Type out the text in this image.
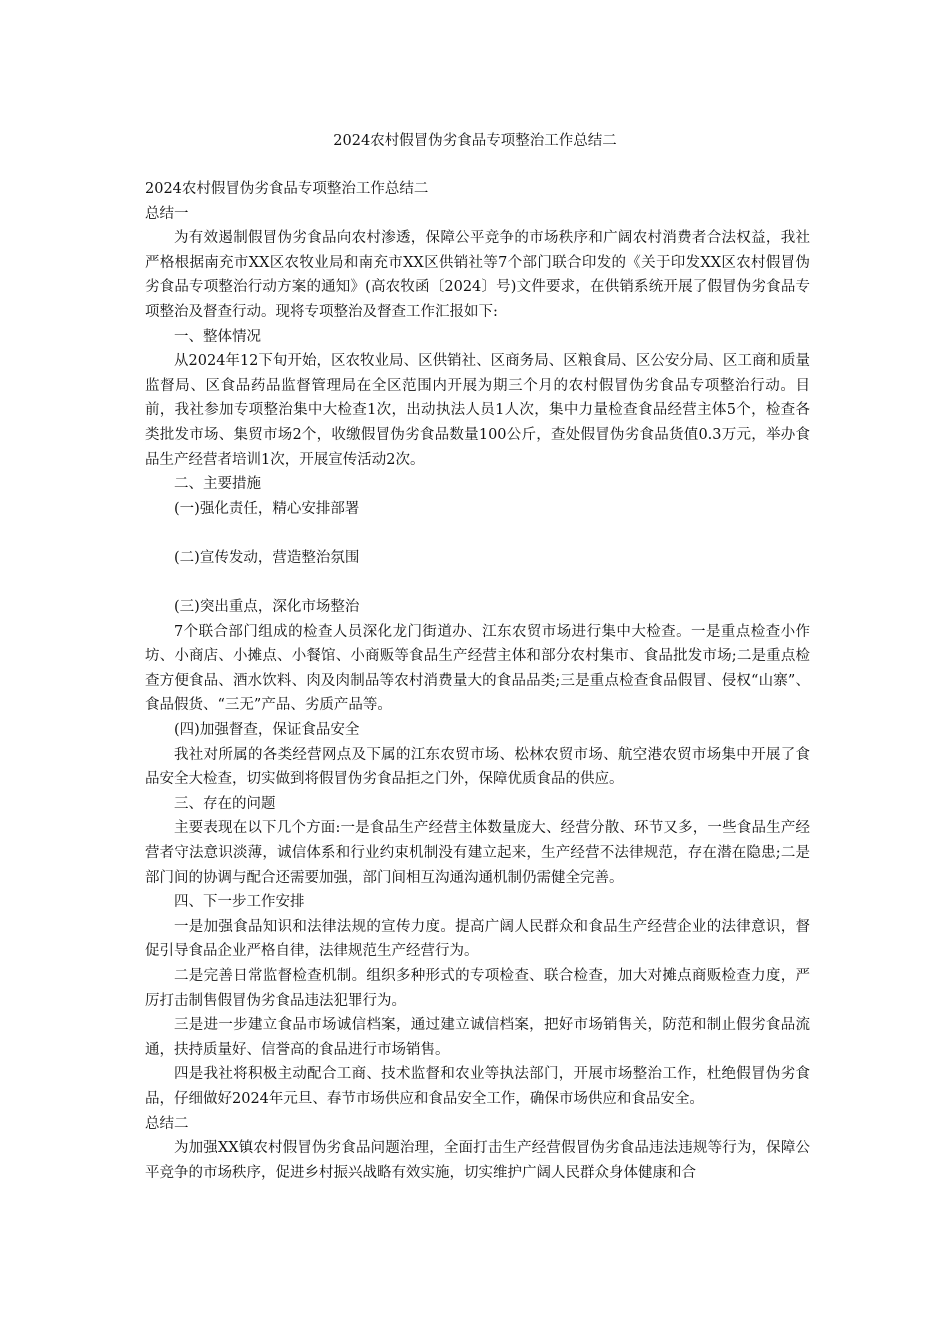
2024农村假冒伪劣食品专项整治工作总结二

2024农村假冒伪劣食品专项整治工作总结二

总结一

为有效遏制假冒伪劣食品向农村渗透，保障公平竞争的市场秩序和广阔农村消费者合法权益，我社严格根据南充市XX区农牧业局和南充市XX区供销社等7个部门联合印发的《关于印发XX区农村假冒伪劣食品专项整治行动方案的通知》(高农牧函〔2024〕号)文件要求，在供销系统开展了假冒伪劣食品专项整治及督查行动。现将专项整治及督查工作汇报如下:

一、整体情况

从2024年12下旬开始，区农牧业局、区供销社、区商务局、区粮食局、区公安分局、区工商和质量监督局、区食品药品监督管理局在全区范围内开展为期三个月的农村假冒伪劣食品专项整治行动。目前，我社参加专项整治集中大检查1次，出动执法人员1人次，集中力量检查食品经营主体5个，检查各类批发市场、集贸市场2个，收缴假冒伪劣食品数量100公斤，查处假冒伪劣食品货值0.3万元，举办食品生产经营者培训1次，开展宣传活动2次。

二、主要措施

(一)强化责任，精心安排部署

(二)宣传发动，营造整治氛围

(三)突出重点，深化市场整治

7个联合部门组成的检查人员深化龙门街道办、江东农贸市场进行集中大检查。一是重点检查小作坊、小商店、小摊点、小餐馆、小商贩等食品生产经营主体和部分农村集市、食品批发市场;二是重点检查方便食品、酒水饮料、肉及肉制品等农村消费量大的食品品类;三是重点检查食品假冒、侵权“山寨”、食品假货、“三无”产品、劣质产品等。

(四)加强督查，保证食品安全

我社对所属的各类经营网点及下属的江东农贸市场、松林农贸市场、航空港农贸市场集中开展了食品安全大检查，切实做到将假冒伪劣食品拒之门外，保障优质食品的供应。

三、存在的问题

主要表现在以下几个方面:一是食品生产经营主体数量庞大、经营分散、环节又多，一些食品生产经营者守法意识淡薄，诚信体系和行业约束机制没有建立起来，生产经营不法律规范，存在潜在隐患;二是部门间的协调与配合还需要加强，部门间相互沟通沟通机制仍需健全完善。

四、下一步工作安排

一是加强食品知识和法律法规的宣传力度。提高广阔人民群众和食品生产经营企业的法律意识，督促引导食品企业严格自律，法律规范生产经营行为。

二是完善日常监督检查机制。组织多种形式的专项检查、联合检查，加大对摊点商贩检查力度，严厉打击制售假冒伪劣食品违法犯罪行为。

三是进一步建立食品市场诚信档案，通过建立诚信档案，把好市场销售关，防范和制止假劣食品流通，扶持质量好、信誉高的食品进行市场销售。

四是我社将积极主动配合工商、技术监督和农业等执法部门，开展市场整治工作，杜绝假冒伪劣食品，仔细做好2024年元旦、春节市场供应和食品安全工作，确保市场供应和食品安全。

总结二

为加强XX镇农村假冒伪劣食品问题治理，全面打击生产经营假冒伪劣食品违法违规等行为，保障公平竞争的市场秩序，促进乡村振兴战略有效实施，切实维护广阔人民群众身体健康和合
